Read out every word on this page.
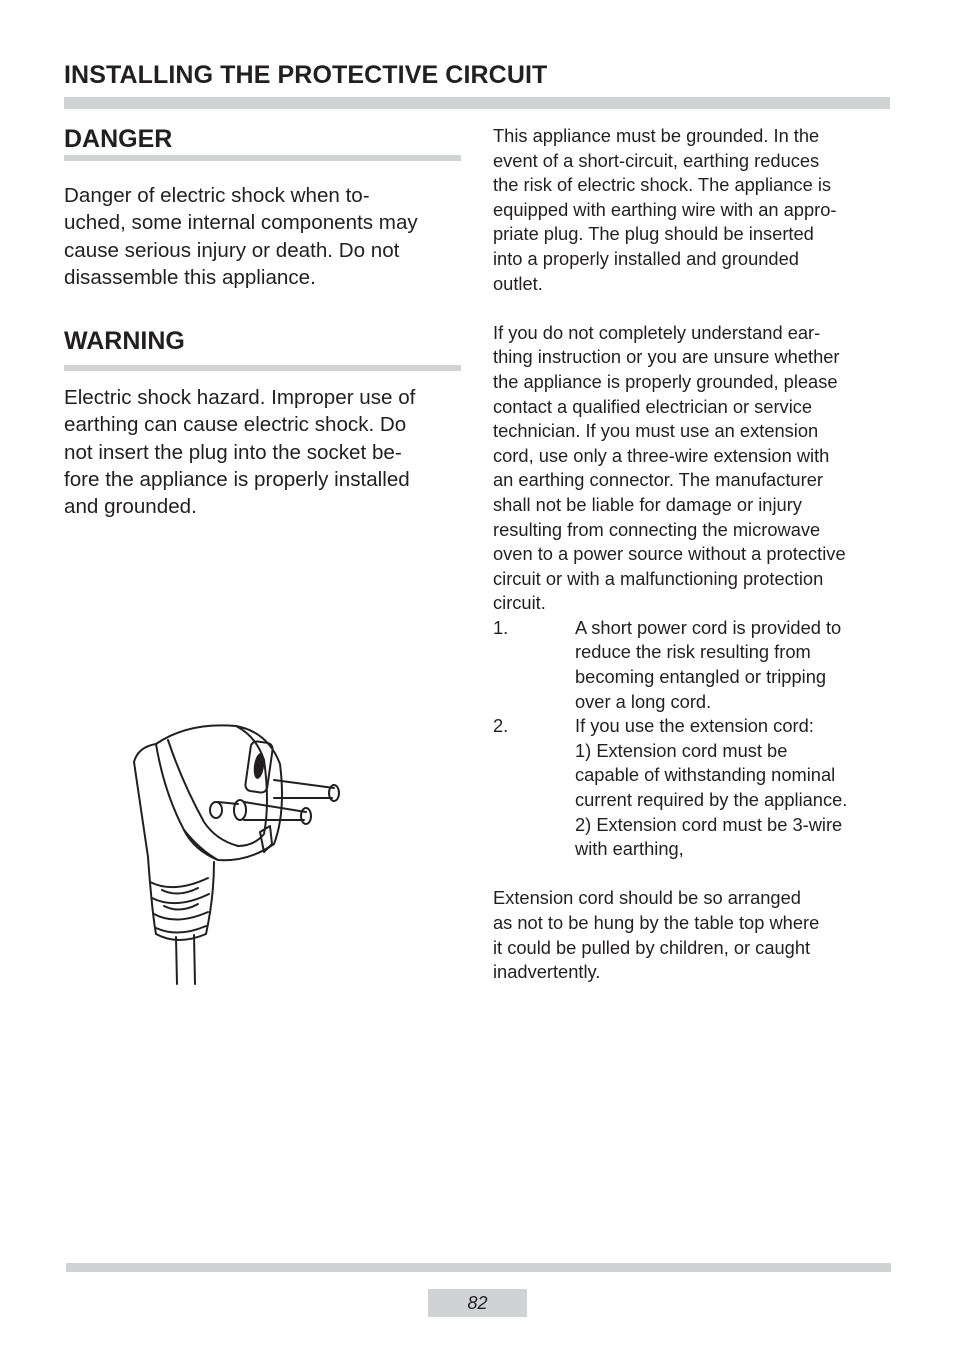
INSTALLING THE PROTECTIVE CIRCUIT
DANGER

Danger of electric shock when to-
uched, some internal components may
cause serious injury or death. Do not
disassemble this appliance.

WARNING

Electric shock hazard. Improper use of
earthing can cause electric shock. Do
not insert the plug into the socket be-
fore the appliance is properly installed
and grounded.

This appliance must be grounded. In the
event of a short-circuit, earthing reduces
the risk of electric shock. The appliance is
equipped with earthing wire with an appro-
priate plug. The plug should be inserted
into a properly installed and grounded
outlet.

If you do not completely understand ear-
thing instruction or you are unsure whether
the appliance is properly grounded, please
contact a qualified electrician or service
technician. If you must use an extension
cord, use only a three-wire extension with
an earthing connector. The manufacturer
shall not be liable for damage or injury
resulting from connecting the microwave
oven to a power source without a protective
circuit or with a malfunctioning protection
circuit.

1.	A short power cord is provided to
reduce the risk resulting from
becoming entangled or tripping
over a long cord.
2.	If you use the extension cord:
1) Extension cord must be
capable of withstanding nominal
current required by the appliance.
2) Extension cord must be 3-wire
with earthing,

Extension cord should be so arranged
as not to be hung by the table top where
it could be pulled by children, or caught
inadvertently.

82
